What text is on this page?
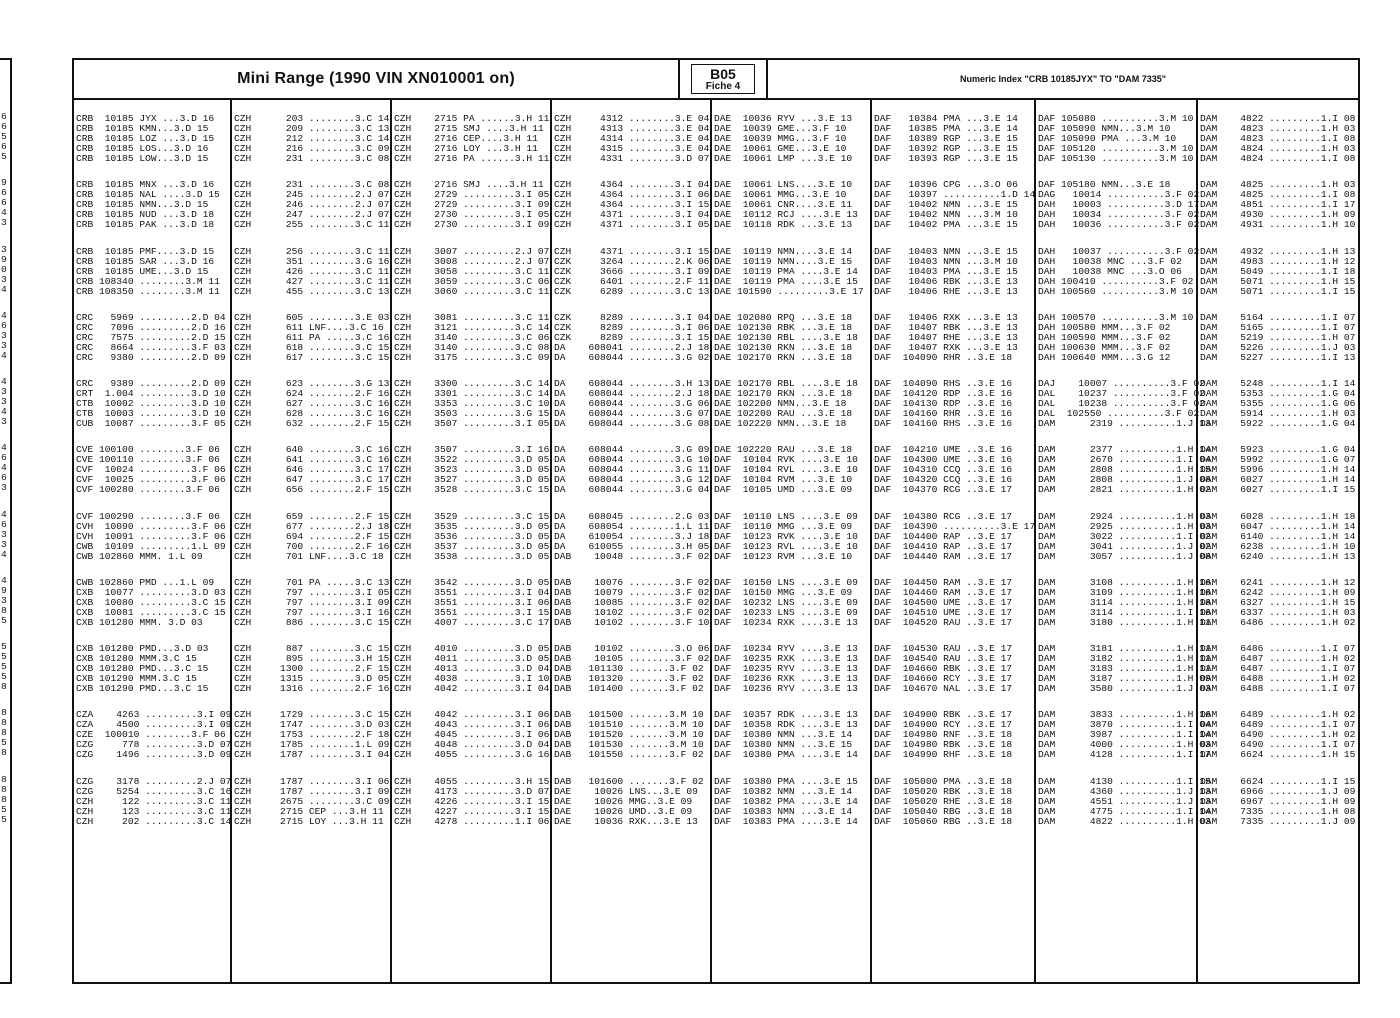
6
6
5
6
5
9
6
6
4
3
3
9
0
3
4
4
6
3
3
4
4
3
3
4
3
4
6
4
6
3
4
6
3
3
4
4
9
3
8
5
5
5
5
5
8
8
8
8
5
8
8
8
8
5
5
Mini Range (1990 VIN XN010001 on)	B05
Fiche 4
Numeric Index "CRB 10185JYX" TO "DAM 7335"
CRB  10185 JYX ...3.D 16
CRB  10185 KMN...3.D 15
CRB  10185 LOZ ...3.D 15
CRB  10185 LOS...3.D 16
CRB  10185 LOW...3.D 15
CRB  10185 MNX ...3.D 16
CRB  10185 NAL ....3.D 15
CRB  10185 NMN...3.D 15
CRB  10185 NUD ...3.D 18
CRB  10185 PAK ...3.D 18
CRB  10185 PMF....3.D 15
CRB  10185 SAR ...3.D 16
CRB  10185 UME...3.D 15
CRB 108340 ........3.M 11
CRB 108350 ........3.M 11
CRC   5969 .........2.D 04
CRC   7096 .........2.D 16
CRC   7575 .........2.D 15
CRC   8664 .........3.F 03
CRC   9380 .........2.D 09
CRC   9389 .........2.D 09
CRT  1.004 .........3.D 10
CTB  10002 .........3.D 10
CTB  10003 .........3.D 10
CUB  10087 .........3.F 05
CVE 100100 ........3.F 06
CVE 100110 ........3.F 06
CVF  10024 .........3.F 06
CVF  10025 .........3.F 06
CVF 100280 ........3.F 06
CVF 100290 ........3.F 06
CVH  10090 .........3.F 06
CVH  10091 .........3.F 06
CWB  10109 .........1.L 09
CWB 102860 MMM. 1.L 09
CWB 102860 PMD ...1.L 09
CXB  10077 .........3.D 03
CXB  10080 .........3.C 15
CXB  10081 .........3.C 15
CXB 101280 MMM. 3.D 03
CXB 101280 PMD...3.D 03
CXB 101280 MMM.3.C 15
CXB 101280 PMD...3.C 15
CXB 101290 MMM.3.C 15
CXB 101290 PMD...3.C 15
CZA    4263 .........3.I 09
CZA    4500 .........3.I 09
CZE  100010 ........3.F 06
CZG     778 .........3.D 07
CZG    1496 .........3.D 09
CZG    3178 .........2.J 07
CZG    5254 .........3.C 16
CZH     122 .........3.C 11
CZH     123 .........3.C 11
CZH     202 .........3.C 14
CZH      203 ........3.C 14
CZH      209 ........3.C 13
CZH      212 ........3.C 14
CZH      216 ........3.C 09
CZH      231 ........3.C 08
CZH      231 ........3.C 08
CZH      245 ........2.J 07
CZH      246 ........2.J 07
CZH      247 ........2.J 07
CZH      255 ........3.C 11
CZH      256 ........3.C 11
CZH      351 ........3.G 16
CZH      426 ........3.C 11
CZH      427 ........3.C 11
CZH      455 ........3.C 13
CZH      605 ........3.E 03
CZH      611 LNF....3.C 16
CZH      611 PA .....3.C 16
CZH      618 ........3.C 15
CZH      617 ........3.C 15
CZH      623 ........3.G 13
CZH      624 ........2.F 16
CZH      627 ........3.C 16
CZH      628 ........3.C 16
CZH      632 ........2.F 15
CZH      640 ........3.C 16
CZH      641 ........3.C 16
CZH      646 ........3.C 17
CZH      647 ........3.C 17
CZH      656 ........2.F 15
CZH      659 ........2.F 15
CZH      677 ........2.J 18
CZH      694 ........2.F 15
CZH      700 ........2.F 16
CZH      701 LNF....3.C 18
CZH      701 PA .....3.C 13
CZH      797 ........3.I 05
CZH      797 ........3.I 09
CZH      797 ........3.I 16
CZH      886 ........3.C 15
CZH      887 ........3.C 15
CZH      895 ........3.H 15
CZH     1300 ........2.F 15
CZH     1315 ........3.D 05
CZH     1316 ........2.F 16
CZH     1729 ........3.C 15
CZH     1747 ........3.D 03
CZH     1753 ........2.F 18
CZH     1785 ........1.L 09
CZH     1787 ........3.I 04
CZH     1787 ........3.I 06
CZH     1787 ........3.I 09
CZH     2675 ........3.C 09
CZH     2715 CEP ...3.H 11
CZH     2715 LOY ...3.H 11
CZH    2715 PA ......3.H 11
CZH    2715 SMJ ....3.H 11
CZH    2716 CEP....3.H 11
CZH    2716 LOY ...3.H 11
CZH    2716 PA ......3.H 11
CZH    2716 SMJ ....3.H 11
CZH    2729 .........3.I 05
CZH    2729 .........3.I 09
CZH    2730 .........3.I 05
CZH    2730 .........3.I 09
CZH    3007 .........2.J 07
CZH    3008 .........2.J 07
CZH    3058 .........3.C 11
CZH    3059 .........3.C 06
CZH    3060 .........3.C 11
CZH    3081 .........3.C 11
CZH    3121 .........3.C 14
CZH    3140 .........3.C 06
CZH    3140 .........3.C 08
CZH    3175 .........3.C 09
CZH    3300 .........3.C 14
CZH    3301 .........3.C 14
CZH    3353 .........3.C 10
CZH    3503 .........3.G 15
CZH    3507 .........3.I 05
CZH    3507 .........3.I 16
CZH    3522 .........3.D 05
CZH    3523 .........3.D 05
CZH    3527 .........3.D 05
CZH    3528 .........3.C 15
CZH    3529 .........3.C 15
CZH    3535 .........3.D 05
CZH    3536 .........3.D 05
CZH    3537 .........3.D 05
CZH    3538 .........3.D 05
CZH    3542 .........3.D 05
CZH    3551 .........3.I 04
CZH    3551 .........3.I 06
CZH    3551 .........3.I 15
CZH    4007 .........3.C 17
CZH    4010 .........3.D 05
CZH    4011 .........3.D 05
CZH    4013 .........3.D 04
CZH    4038 .........3.I 10
CZH    4042 .........3.I 04
CZH    4042 .........3.I 06
CZH    4043 .........3.I 06
CZH    4045 .........3.I 06
CZH    4048 .........3.D 04
CZH    4055 .........3.G 16
CZH    4055 .........3.H 15
CZH    4173 .........3.D 07
CZH    4226 .........3.I 15
CZH    4227 .........3.I 15
CZH    4278 .........1.I 06
CZH     4312 ........3.E 04
CZH     4313 ........3.E 04
CZH     4314 ........3.E 04
CZH     4315 ........3.E 04
CZH     4331 ........3.D 07
CZH     4364 ........3.I 04
CZH     4364 ........3.I 06
CZH     4364 ........3.I 15
CZH     4371 ........3.I 04
CZH     4371 ........3.I 05
CZH     4371 ........3.I 15
CZK     3264 ........2.K 06
CZK     3666 ........3.I 09
CZK     6401 ........2.F 11
CZK     6289 ........3.C 13
CZK     8289 ........3.I 04
CZK     8289 ........3.I 06
CZK     8289 ........3.I 15
DA    608041 ........2.J 18
DA    608044 ........3.G 02
DA    608044 ........3.H 13
DA    608044 ........2.J 18
DA    608044 ........3.G 06
DA    608044 ........3.G 07
DA    608044 ........3.G 08
DA    608044 ........3.G 09
DA    608044 ........3.G 10
DA    608044 ........3.G 11
DA    608044 ........3.G 12
DA    608044 ........3.G 04
DA    608045 ........2.G 03
DA    608054 ........1.L 11
DA    610054 ........3.J 18
DA    610055 ........3.H 05
DAB    10048 ........3.F 02
DAB    10076 ........3.F 02
DAB    10079 ........3.F 02
DAB    10085 ........3.F 02
DAB    10102 ........3.F 02
DAB    10102 ........3.F 10
DAB    10102 ........3.O 06
DAB    10105 ........3.F 02
DAB   101130 .......3.F 02
DAB   101320 .......3.F 02
DAB   101400 .......3.F 02
DAB   101500 .......3.M 10
DAB   101510 .......3.M 10
DAB   101520 .......3.M 10
DAB   101530 .......3.M 10
DAB   101550 .......3.F 02
DAB   101600 .......3.F 02
DAE    10026 LNS...3.E 09
DAE    10026 MMG..3.E 09
DAE    10026 UMD..3.E 09
DAE    10036 RXK...3.E 13
DAE  10036 RYV ...3.E 13
DAE  10039 GME...3.F 10
DAE  10039 MMG...3.F 10
DAE  10061 GME...3.E 10
DAE  10061 LMP ...3.E 10
DAE  10061 LNS....3.E 10
DAE  10061 MMG...3.E 10
DAE  10061 CNR....3.E 11
DAE  10112 RCJ ....3.E 13
DAE  10118 RDK ...3.E 13
DAE  10119 NMN....3.E 14
DAE  10119 NMN....3.E 15
DAE  10119 PMA ....3.E 14
DAE  10119 PMA ....3.E 15
DAE 101590 .........3.E 17
DAE 102080 RPQ ...3.E 18
DAE 102130 RBK ...3.E 18
DAE 102130 RBL ....3.E 18
DAE 102130 RKN ...3.E 18
DAE 102170 RKN ...3.E 18
DAE 102170 RBL ....3.E 18
DAE 102170 RKN ...3.E 18
DAE 102200 NMN...3.E 18
DAE 102200 RAU ...3.E 18
DAE 102220 NMN...3.E 18
DAE 102220 RAU ...3.E 18
DAF  10104 RVK ....3.E 10
DAF  10104 RVL ....3.E 10
DAF  10104 RVM ...3.E 10
DAF  10105 UMD ...3.E 09
DAF  10110 LNS ....3.E 09
DAF  10110 MMG ...3.E 09
DAF  10123 RVK ....3.E 10
DAF  10123 RVL ....3.E 10
DAF  10123 RVM ...3.E 10
DAF  10150 LNS ....3.E 09
DAF  10150 MMG ...3.E 09
DAF  10232 LNS ....3.E 09
DAF  10233 LNS ....3.E 09
DAF  10234 RXK ....3.E 13
DAF  10234 RYV ....3.E 13
DAF  10235 RXK ....3.E 13
DAF  10235 RYV ....3.E 13
DAF  10236 RXK ....3.E 13
DAF  10236 RYV ....3.E 13
DAF  10357 RDK ....3.E 13
DAF  10358 RDK ....3.E 13
DAF  10380 NMN ...3.E 14
DAF  10380 NMN ...3.E 15
DAF  10380 PMA ....3.E 14
DAF  10380 PMA ....3.E 15
DAF  10382 NMN ...3.E 14
DAF  10382 PMA ....3.E 14
DAF  10383 NMN ...3.E 14
DAF  10383 PMA ....3.E 14
DAF   10384 PMA ...3.E 14
DAF   10385 PMA ...3.E 14
DAF   10389 RGP ...3.E 15
DAF   10392 RGP ...3.E 15
DAF   10393 RGP ...3.E 15
DAF   10396 CPG ...3.O 06
DAF   10397 ..........1.D 14
DAF   10402 NMN ...3.E 15
DAF   10402 NMN ...3.M 10
DAF   10402 PMA ...3.E 15
DAF   10403 NMN ...3.E 15
DAF   10403 NMN ...3.M 10
DAF   10403 PMA ...3.E 15
DAF   10406 RBK ...3.E 13
DAF   10406 RHE ...3.E 13
DAF   10406 RXK ...3.E 13
DAF   10407 RBK ...3.E 13
DAF   10407 RHE ...3.E 13
DAF   10407 RXK ...3.E 13
DAF  104090 RHR ..3.E 18
DAF  104090 RHS ..3.E 16
DAF  104120 RDP ..3.E 16
DAF  104130 RDP ..3.E 16
DAF  104160 RHR ..3.E 16
DAF  104160 RHS ..3.E 16
DAF  104210 UME ..3.E 16
DAF  104300 UME ..3.E 16
DAF  104310 CCQ ..3.E 16
DAF  104320 CCQ ..3.E 16
DAF  104370 RCG ..3.E 17
DAF  104380 RCG ..3.E 17
DAF  104390 ..........3.E 17
DAF  104400 RAP ..3.E 17
DAF  104410 RAP ..3.E 17
DAF  104440 RAM ..3.E 17
DAF  104450 RAM ..3.E 17
DAF  104460 RAM ..3.E 17
DAF  104500 UME ..3.E 17
DAF  104510 UME ..3.E 17
DAF  104520 RAU ..3.E 17
DAF  104530 RAU ..3.E 17
DAF  104540 RAU ..3.E 17
DAF  104660 RBK ..3.E 17
DAF  104660 RCY ..3.E 17
DAF  104670 NAL ..3.E 17
DAF  104900 RBK ..3.E 17
DAF  104900 RCY ..3.E 17
DAF  104980 RNF ..3.E 18
DAF  104980 RBK ..3.E 18
DAF  104990 RHF ..3.E 18
DAF  105000 PMA ..3.E 18
DAF  105020 RBK ..3.E 18
DAF  105020 RHE ..3.E 18
DAF  105040 RBG ..3.E 18
DAF  105060 RBG ..3.E 18
DAF 105080 ..........3.M 10
DAF 105090 NMN...3.M 10
DAF 105090 PMA ...3.M 10
DAF 105120 ..........3.M 10
DAF 105130 ..........3.M 10
DAF 105180 NMN...3.E 18
DAG   10014 ..........3.F 02
DAH   10003 ..........3.D 17
DAH   10034 ..........3.F 02
DAH   10036 ..........3.F 02
DAH   10037 ..........3.F 02
DAH   10038 MNC ...3.F 02
DAH   10038 MNC ...3.O 06
DAH 100410 ..........3.F 02
DAH 100560 ..........3.M 10
DAH 100570 ..........3.M 10
DAH 100580 MMM...3.F 02
DAH 100590 MMM...3.F 02
DAH 100630 MMM...3.F 02
DAH 100640 MMM...3.G 12
DAJ    10007 ..........3.F 02
DAL    10237 ..........3.F 02
DAL    10238 ..........3.F 02
DAL  102550 ..........3.F 02
DAM      2319 ..........1.J 13
DAM      2377 ..........1.H 14
DAM      2670 ..........1.I 04
DAM      2808 ..........1.H 15
DAM      2808 ..........1.J 08
DAM      2821 ..........1.H 02
DAM      2924 ..........1.H 03
DAM      2925 ..........1.H 03
DAM      3022 ..........1.I 02
DAM      3041 ..........1.J 02
DAM      3057 ..........1.J 08
DAM      3108 ..........1.H 16
DAM      3109 ..........1.H 16
DAM      3114 ..........1.H 18
DAM      3114 ..........1.I 16
DAM      3180 ..........1.H 11
DAM      3181 ..........1.H 11
DAM      3182 ..........1.H 11
DAM      3183 ..........1.H 11
DAM      3187 ..........1.H 09
DAM      3580 ..........1.J 03
DAM      3833 ..........1.H 16
DAM      3870 ..........1.I 04
DAM      3987 ..........1.I 14
DAM      4000 ..........1.H 03
DAM      4128 ..........1.I 17
DAM      4130 ..........1.I 15
DAM      4360 ..........1.J 13
DAM      4551 ..........1.J 13
DAM      4775 ..........1.I 14
DAM      4822 ..........1.H 03
DAM    4822 .........1.I 08
DAM    4823 .........1.H 03
DAM    4823 .........1.I 08
DAM    4824 .........1.H 03
DAM    4824 .........1.I 08
DAM    4825 .........1.H 03
DAM    4825 .........1.I 08
DAM    4851 .........1.I 17
DAM    4930 .........1.H 09
DAM    4931 .........1.H 10
DAM    4932 .........1.H 13
DAM    4983 .........1.H 12
DAM    5049 .........1.I 18
DAM    5071 .........1.H 15
DAM    5071 .........1.I 15
DAM    5164 .........1.I 07
DAM    5165 .........1.I 07
DAM    5219 .........1.H 07
DAM    5226 .........1.J 03
DAM    5227 .........1.I 13
DAM    5248 .........1.I 14
DAM    5353 .........1.G 04
DAM    5355 .........1.G 06
DAM    5914 .........1.H 03
DAM    5922 .........1.G 04
DAM    5923 .........1.G 04
DAM    5992 .........1.G 07
DAM    5996 .........1.H 14
DAM    6027 .........1.H 14
DAM    6027 .........1.I 15
DAM    6028 .........1.H 18
DAM    6047 .........1.H 14
DAM    6140 .........1.H 14
DAM    6238 .........1.H 10
DAM    6240 .........1.H 13
DAM    6241 .........1.H 12
DAM    6242 .........1.H 09
DAM    6327 .........1.H 15
DAM    6337 .........1.H 03
DAM    6486 .........1.H 02
DAM    6486 .........1.I 07
DAM    6487 .........1.H 02
DAM    6487 .........1.I 07
DAM    6488 .........1.H 02
DAM    6488 .........1.I 07
DAM    6489 .........1.H 02
DAM    6489 .........1.I 07
DAM    6490 .........1.H 02
DAM    6490 .........1.I 07
DAM    6624 .........1.H 15
DAM    6624 .........1.I 15
DAM    6966 .........1.J 09
DAM    6967 .........1.H 09
DAM    7335 .........1.H 08
DAM    7335 .........1.J 09
